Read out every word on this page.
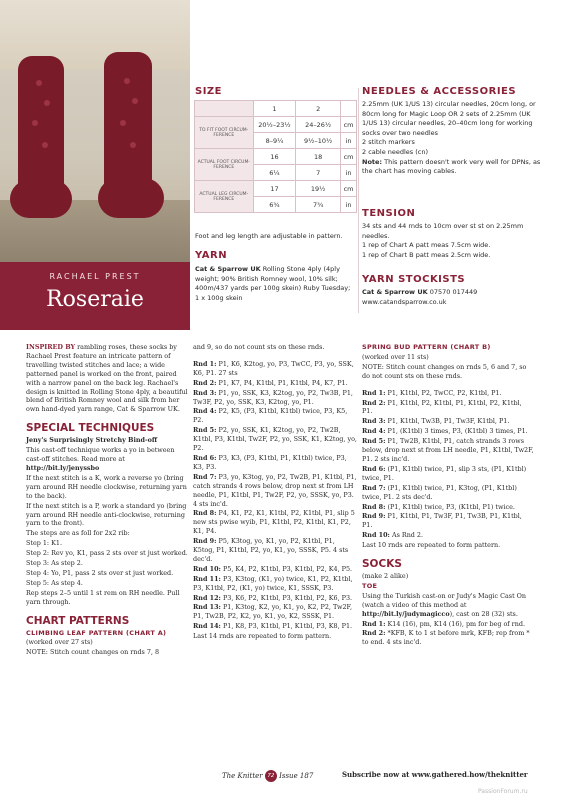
RACHAEL PREST
Roseraie
SIZE
	1	2	
TO FIT FOOT CIRCUM-FERENCE	20½–23½	24–26½	cm
	8–9¼	9½–10½	in
ACTUAL FOOT CIRCUM-FERENCE	16	18	cm
	6¼	7	in
ACTUAL LEG CIRCUM-FERENCE	17	19½	cm
	6¾	7¾	in
Foot and leg length are adjustable in pattern.
YARN
Cat & Sparrow UK Rolling Stone 4ply (4ply weight; 90% British Romney wool, 10% silk; 400m/437 yards per 100g skein) Ruby Tuesday; 1 x 100g skein
NEEDLES & ACCESSORIES
2.25mm (UK 1/US 13) circular needles, 20cm long, or 80cm long for Magic Loop OR 2 sets of 2.25mm (UK 1/US 13) circular needles, 20–40cm long for working socks over two needles
2 stitch markers
2 cable needles (cn)
Note: This pattern doesn't work very well for DPNs, as the chart has moving cables.
TENSION
34 sts and 44 rnds to 10cm over st st on 2.25mm needles.
1 rep of Chart A patt meas 7.5cm wide.
1 rep of Chart B patt meas 2.5cm wide.
YARN STOCKISTS
Cat & Sparrow UK 07570 017449
www.catandsparrow.co.uk

INSPIRED BY rambling roses, these socks by Rachael Prest feature an intricate pattern of travelling twisted stitches and lace; a wide patterned panel is worked on the front, paired with a narrow panel on the back leg. Rachael's design is knitted in Rolling Stone 4ply, a beautiful blend of British Romney wool and silk from her own hand-dyed yarn range, Cat & Sparrow UK.

SPECIAL TECHNIQUES

Jeny's Surprisingly Stretchy Bind-off

This cast-off technique works a yo in between cast-off stitches. Read more at http://bit.ly/jenyssbo

If the next stitch is a K, work a reverse yo (bring yarn around RH needle clockwise, returning yarn to the back).

If the next stitch is a P, work a standard yo (bring yarn around RH needle anti-clockwise, returning yarn to the front).

The steps are as foll for 2x2 rib:

Step 1: K1.

Step 2: Rev yo, K1, pass 2 sts over st just worked.

Step 3: As step 2.

Step 4: Yo, P1, pass 2 sts over st just worked.

Step 5: As step 4.

Rep steps 2–5 until 1 st rem on RH needle. Pull yarn through.

CHART PATTERNS

CLIMBING LEAF PATTERN (CHART A)

(worked over 27 sts)

NOTE: Stitch count changes on rnds 7, 8

and 9, so do not count sts on these rnds.

Rnd 1: P1, K6, K2tog, yo, P3, TwCC, P3, yo, SSK, K6, P1. 27 sts

Rnd 2: P1, K7, P4, K1tbl, P1, K1tbl, P4, K7, P1.

Rnd 3: P1, yo, SSK, K3, K2tog, yo, P2, Tw3B, P1, Tw3F, P2, yo, SSK, K3, K2tog, yo, P1.

Rnd 4: P2, K5, (P3, K1tbl, K1tbl) twice, P3, K5, P2.

Rnd 5: P2, yo, SSK, K1, K2tog, yo, P2, Tw2B, K1tbl, P3, K1tbl, Tw2F, P2, yo, SSK, K1, K2tog, yo, P2.

Rnd 6: P3, K3, (P3, K1tbl, P1, K1tbl) twice, P3, K3, P3.

Rnd 7: P3, yo, K3tog, yo, P2, Tw2B, P1, K1tbl, P1, catch strands 4 rows below, drop next st from LH needle, P1, K1tbl, P1, Tw2F, P2, yo, SSSK, yo, P3. 4 sts inc'd.

Rnd 8: P4, K1, P2, K1, K1tbl, P2, K1tbl, P1, slip 5 new sts pwise wyib, P1, K1tbl, P2, K1tbl, K1, P2, K1, P4.

Rnd 9: P5, K3tog, yo, K1, yo, P2, K1tbl, P1, K5tog, P1, K1tbl, P2, yo, K1, yo, SSSK, P5. 4 sts dec'd.

Rnd 10: P5, K4, P2, K1tbl, P3, K1tbl, P2, K4, P5.

Rnd 11: P3, K3tog, (K1, yo) twice, K1, P2, K1tbl, P3, K1tbl, P2, (K1, yo) twice, K1, SSSK, P3.

Rnd 12: P3, K6, P2, K1tbl, P3, K1tbl, P2, K6, P3.

Rnd 13: P1, K3tog, K2, yo, K1, yo, K2, P2, Tw2F, P1, Tw2B, P2, K2, yo, K1, yo, K2, SSSK, P1.

Rnd 14: P1, K8, P3, K1tbl, P1, K1tbl, P3, K8, P1.

Last 14 rnds are repeated to form pattern.

SPRING BUD PATTERN (CHART B)

(worked over 11 sts)

NOTE: Stitch count changes on rnds 5, 6 and 7, so do not count sts on these rnds.

Rnd 1: P1, K1tbl, P2, TwCC, P2, K1tbl, P1.

Rnd 2: P1, K1tbl, P2, K1tbl, P1, K1tbl, P2, K1tbl, P1.

Rnd 3: P1, K1tbl, Tw3B, P1, Tw3F, K1tbl, P1.

Rnd 4: P1, (K1tbl) 3 times, P3, (K1tbl) 3 times, P1.

Rnd 5: P1, Tw2B, K1tbl, P1, catch strands 3 rows below, drop next st from LH needle, P1, K1tbl, Tw2F, P1. 2 sts inc'd.

Rnd 6: (P1, K1tbl) twice, P1, slip 3 sts, (P1, K1tbl) twice, P1.

Rnd 7: (P1, K1tbl) twice, P1, K3tog, (P1, K1tbl) twice, P1. 2 sts dec'd.

Rnd 8: (P1, K1tbl) twice, P3, (K1tbl, P1) twice.

Rnd 9: P1, K1tbl, P1, Tw3F, P1, Tw3B, P1, K1tbl, P1.

Rnd 10: As Rnd 2.

Last 10 rnds are repeated to form pattern.

SOCKS

(make 2 alike)

TOE

Using the Turkish cast-on or Judy's Magic Cast On (watch a video of this method at http://bit.ly/judymagicco), cast on 28 (32) sts.

Rnd 1: K14 (16), pm, K14 (16), pm for beg of rnd.

Rnd 2: *KFB, K to 1 st before mrk, KFB; rep from * to end. 4 sts inc'd.

The Knitter 72 Issue 187	Subscribe now at www.gathered.how/theknitter
PassionForum.ru
